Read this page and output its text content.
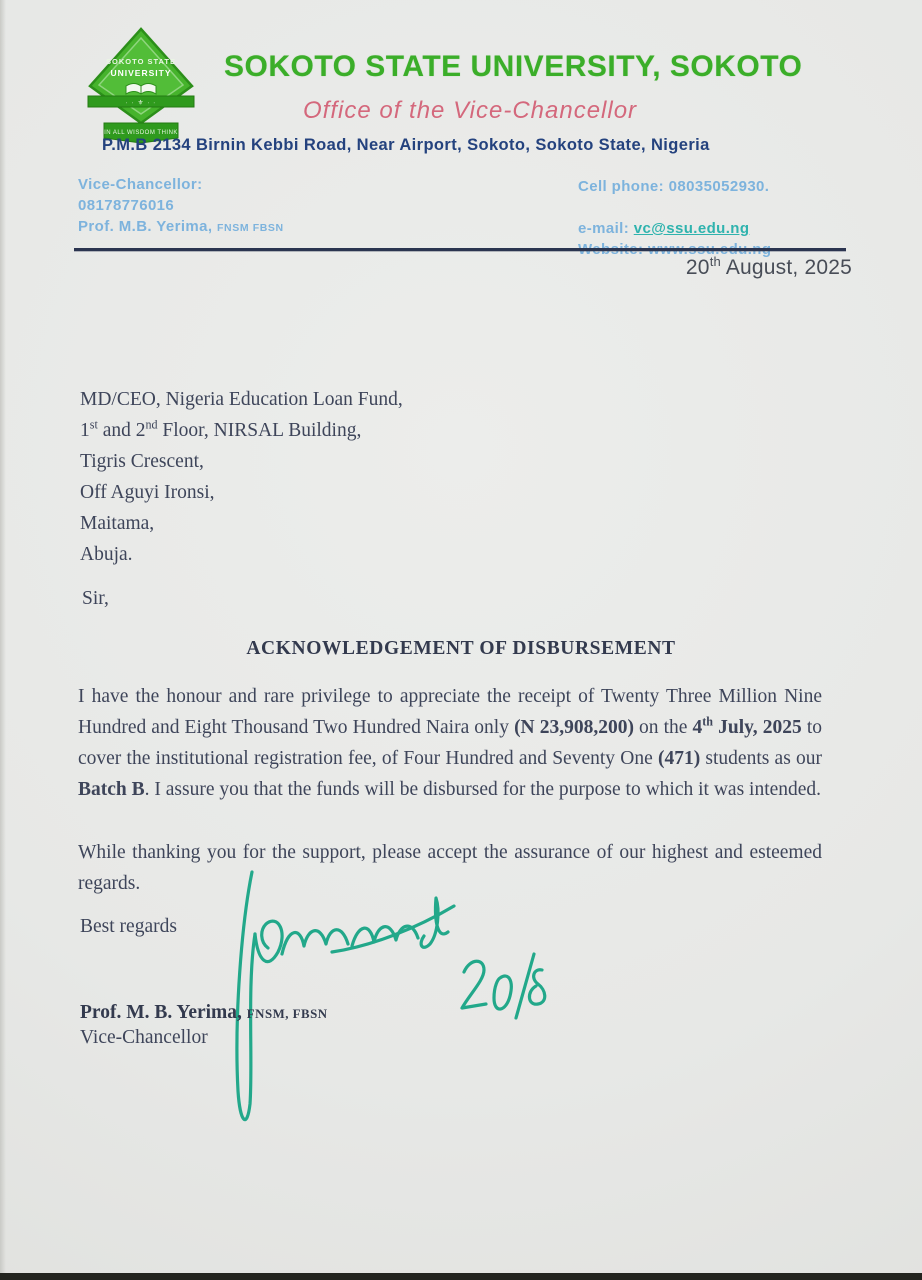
SOKOTO STATE
UNIVERSITY
· · ⚜ · ·
IN ALL WISDOM THINK
SOKOTO STATE UNIVERSITY, SOKOTO
Office of the Vice-Chancellor
P.M.B 2134 Birnin Kebbi Road, Near Airport, Sokoto, Sokoto State, Nigeria
Vice-Chancellor:
08178776016
Prof. M.B. Yerima, FNSM FBSN
Cell phone: 08035052930.
e-mail: vc@ssu.edu.ng
20th August, 2025
MD/CEO, Nigeria Education Loan Fund,
1st and 2nd Floor, NIRSAL Building,
Tigris Crescent,
Off Aguyi Ironsi,
Maitama,
Abuja.
Sir,
ACKNOWLEDGEMENT OF DISBURSEMENT
I have the honour and rare privilege to appreciate the receipt of Twenty Three Million Nine Hundred and Eight Thousand Two Hundred Naira only (N 23,908,200) on the 4th July, 2025 to cover the institutional registration fee, of Four Hundred and Seventy One (471) students as our Batch B. I assure you that the funds will be disbursed for the purpose to which it was intended.
While thanking you for the support, please accept the assurance of our highest and esteemed regards.
Best regards
Prof. M. B. Yerima, FNSM, FBSN
Vice-Chancellor
